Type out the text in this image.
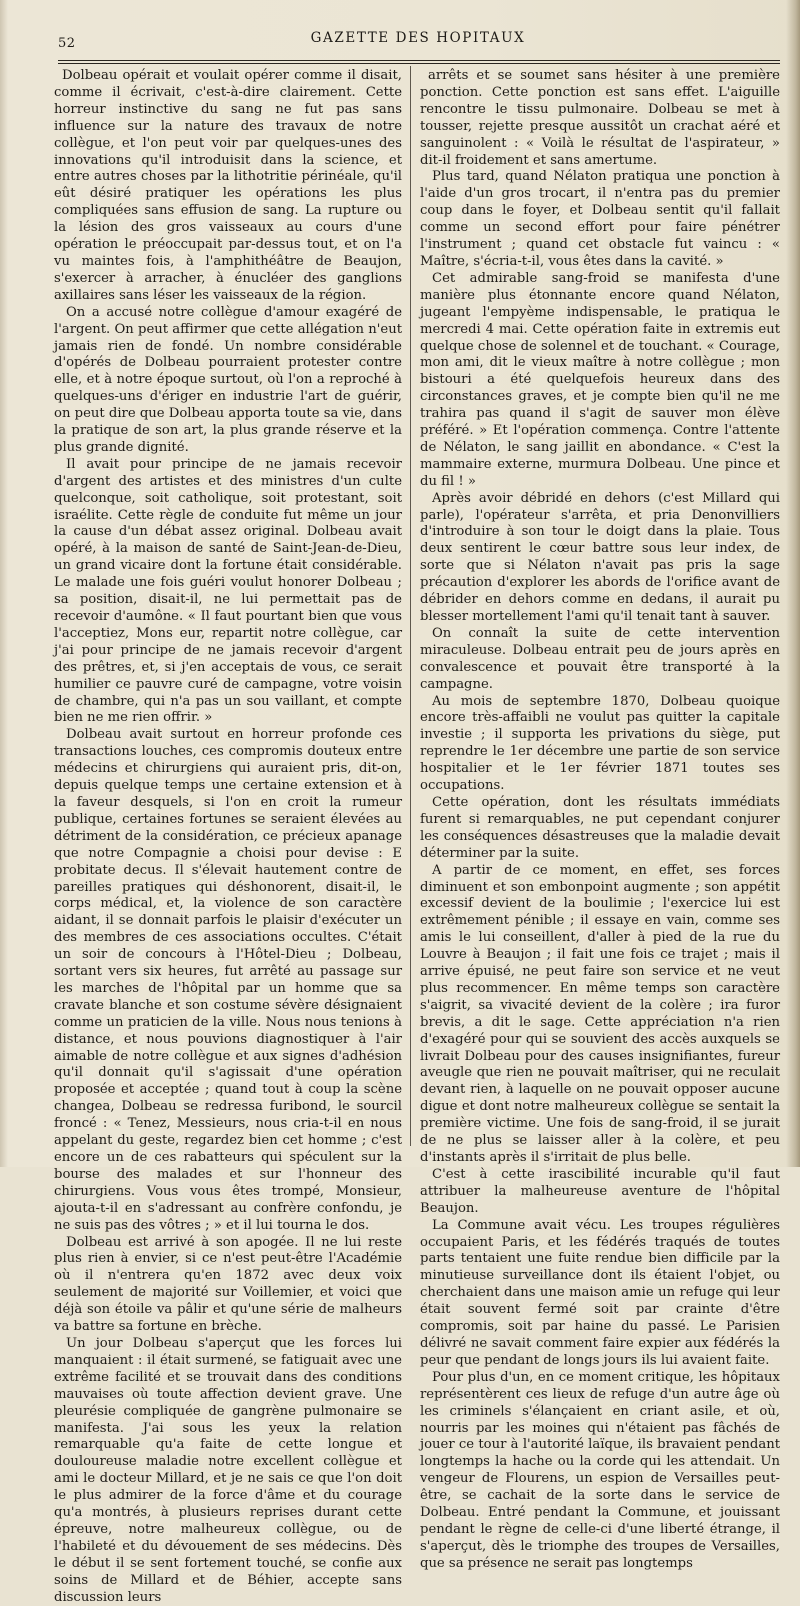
52	GAZETTE DES HOPITAUX

Dolbeau opérait et voulait opérer comme il disait, comme il écrivait, c'est-à-dire clairement. Cette horreur instinctive du sang ne fut pas sans influence sur la nature des travaux de notre collègue, et l'on peut voir par quelques-unes des innovations qu'il introduisit dans la science, et entre autres choses par la lithotritie périnéale, qu'il eût désiré pratiquer les opérations les plus compliquées sans effusion de sang. La rupture ou la lésion des gros vaisseaux au cours d'une opération le préoccupait par-dessus tout, et on l'a vu maintes fois, à l'amphithéâtre de Beaujon, s'exercer à arracher, à énucléer des ganglions axillaires sans léser les vaisseaux de la région.

On a accusé notre collègue d'amour exagéré de l'argent. On peut affirmer que cette allégation n'eut jamais rien de fondé. Un nombre considérable d'opérés de Dolbeau pourraient protester contre elle, et à notre époque surtout, où l'on a reproché à quelques-uns d'ériger en industrie l'art de guérir, on peut dire que Dolbeau apporta toute sa vie, dans la pratique de son art, la plus grande réserve et la plus grande dignité.

Il avait pour principe de ne jamais recevoir d'argent des artistes et des ministres d'un culte quelconque, soit catholique, soit protestant, soit israélite. Cette règle de conduite fut même un jour la cause d'un débat assez original. Dolbeau avait opéré, à la maison de santé de Saint-Jean-de-Dieu, un grand vicaire dont la fortune était considérable. Le malade une fois guéri voulut honorer Dolbeau ; sa position, disait-il, ne lui permettait pas de recevoir d'aumône. « Il faut pourtant bien que vous l'acceptiez, Mons eur, repartit notre collègue, car j'ai pour principe de ne jamais recevoir d'argent des prêtres, et, si j'en acceptais de vous, ce serait humilier ce pauvre curé de campagne, votre voisin de chambre, qui n'a pas un sou vaillant, et compte bien ne me rien offrir. »

Dolbeau avait surtout en horreur profonde ces transactions louches, ces compromis douteux entre médecins et chirurgiens qui auraient pris, dit-on, depuis quelque temps une certaine extension et à la faveur desquels, si l'on en croit la rumeur publique, certaines fortunes se seraient élevées au détriment de la considération, ce précieux apanage que notre Compagnie a choisi pour devise : E probitate decus. Il s'élevait hautement contre de pareilles pratiques qui déshonorent, disait-il, le corps médical, et, la violence de son caractère aidant, il se donnait parfois le plaisir d'exécuter un des membres de ces associations occultes. C'était un soir de concours à l'Hôtel-Dieu ; Dolbeau, sortant vers six heures, fut arrêté au passage sur les marches de l'hôpital par un homme que sa cravate blanche et son costume sévère désignaient comme un praticien de la ville. Nous nous tenions à distance, et nous pouvions diagnostiquer à l'air aimable de notre collègue et aux signes d'adhésion qu'il donnait qu'il s'agissait d'une opération proposée et acceptée ; quand tout à coup la scène changea, Dolbeau se redressa furibond, le sourcil froncé : « Tenez, Messieurs, nous cria-t-il en nous appelant du geste, regardez bien cet homme ; c'est encore un de ces rabatteurs qui spéculent sur la bourse des malades et sur l'honneur des chirurgiens. Vous vous êtes trompé, Monsieur, ajouta-t-il en s'adressant au confrère confondu, je ne suis pas des vôtres ; » et il lui tourna le dos.

Dolbeau est arrivé à son apogée. Il ne lui reste plus rien à envier, si ce n'est peut-être l'Académie où il n'entrera qu'en 1872 avec deux voix seulement de majorité sur Voillemier, et voici que déjà son étoile va pâlir et qu'une série de malheurs va battre sa fortune en brèche.

Un jour Dolbeau s'aperçut que les forces lui manquaient : il était surmené, se fatiguait avec une extrême facilité et se trouvait dans des conditions mauvaises où toute affection devient grave. Une pleurésie compliquée de gangrène pulmonaire se manifesta. J'ai sous les yeux la relation remarquable qu'a faite de cette longue et douloureuse maladie notre excellent collègue et ami le docteur Millard, et je ne sais ce que l'on doit le plus admirer de la force d'âme et du courage qu'a montrés, à plusieurs reprises durant cette épreuve, notre malheureux collègue, ou de l'habileté et du dévouement de ses médecins. Dès le début il se sent fortement touché, se confie aux soins de Millard et de Béhier, accepte sans discussion leurs

arrêts et se soumet sans hésiter à une première ponction. Cette ponction est sans effet. L'aiguille rencontre le tissu pulmonaire. Dolbeau se met à tousser, rejette presque aussitôt un crachat aéré et sanguinolent : « Voilà le résultat de l'aspirateur, » dit-il froidement et sans amertume.

Plus tard, quand Nélaton pratiqua une ponction à l'aide d'un gros trocart, il n'entra pas du premier coup dans le foyer, et Dolbeau sentit qu'il fallait comme un second effort pour faire pénétrer l'instrument ; quand cet obstacle fut vaincu : « Maître, s'écria-t-il, vous êtes dans la cavité. »

Cet admirable sang-froid se manifesta d'une manière plus étonnante encore quand Nélaton, jugeant l'empyème indispensable, le pratiqua le mercredi 4 mai. Cette opération faite in extremis eut quelque chose de solennel et de touchant. « Courage, mon ami, dit le vieux maître à notre collègue ; mon bistouri a été quelquefois heureux dans des circonstances graves, et je compte bien qu'il ne me trahira pas quand il s'agit de sauver mon élève préféré. » Et l'opération commença. Contre l'attente de Nélaton, le sang jaillit en abondance. « C'est la mammaire externe, murmura Dolbeau. Une pince et du fil ! »

Après avoir débridé en dehors (c'est Millard qui parle), l'opérateur s'arrêta, et pria Denonvilliers d'introduire à son tour le doigt dans la plaie. Tous deux sentirent le cœur battre sous leur index, de sorte que si Nélaton n'avait pas pris la sage précaution d'explorer les abords de l'orifice avant de débrider en dehors comme en dedans, il aurait pu blesser mortellement l'ami qu'il tenait tant à sauver.

On connaît la suite de cette intervention miraculeuse. Dolbeau entrait peu de jours après en convalescence et pouvait être transporté à la campagne.

Au mois de septembre 1870, Dolbeau quoique encore très-affaibli ne voulut pas quitter la capitale investie ; il supporta les privations du siège, put reprendre le 1er décembre une partie de son service hospitalier et le 1er février 1871 toutes ses occupations.

Cette opération, dont les résultats immédiats furent si remarquables, ne put cependant conjurer les conséquences désastreuses que la maladie devait déterminer par la suite.

A partir de ce moment, en effet, ses forces diminuent et son embonpoint augmente ; son appétit excessif devient de la boulimie ; l'exercice lui est extrêmement pénible ; il essaye en vain, comme ses amis le lui conseillent, d'aller à pied de la rue du Louvre à Beaujon ; il fait une fois ce trajet ; mais il arrive épuisé, ne peut faire son service et ne veut plus recommencer. En même temps son caractère s'aigrit, sa vivacité devient de la colère ; ira furor brevis, a dit le sage. Cette appréciation n'a rien d'exagéré pour qui se souvient des accès auxquels se livrait Dolbeau pour des causes insignifiantes, fureur aveugle que rien ne pouvait maîtriser, qui ne reculait devant rien, à laquelle on ne pouvait opposer aucune digue et dont notre malheureux collègue se sentait la première victime. Une fois de sang-froid, il se jurait de ne plus se laisser aller à la colère, et peu d'instants après il s'irritait de plus belle.

C'est à cette irascibilité incurable qu'il faut attribuer la malheureuse aventure de l'hôpital Beaujon.

La Commune avait vécu. Les troupes régulières occupaient Paris, et les fédérés traqués de toutes parts tentaient une fuite rendue bien difficile par la minutieuse surveillance dont ils étaient l'objet, ou cherchaient dans une maison amie un refuge qui leur était souvent fermé soit par crainte d'être compromis, soit par haine du passé. Le Parisien délivré ne savait comment faire expier aux fédérés la peur que pendant de longs jours ils lui avaient faite.

Pour plus d'un, en ce moment critique, les hôpitaux représentèrent ces lieux de refuge d'un autre âge où les criminels s'élançaient en criant asile, et où, nourris par les moines qui n'étaient pas fâchés de jouer ce tour à l'autorité laïque, ils bravaient pendant longtemps la hache ou la corde qui les attendait. Un vengeur de Flourens, un espion de Versailles peut-être, se cachait de la sorte dans le service de Dolbeau. Entré pendant la Commune, et jouissant pendant le règne de celle-ci d'une liberté étrange, il s'aperçut, dès le triomphe des troupes de Versailles, que sa présence ne serait pas longtemps
